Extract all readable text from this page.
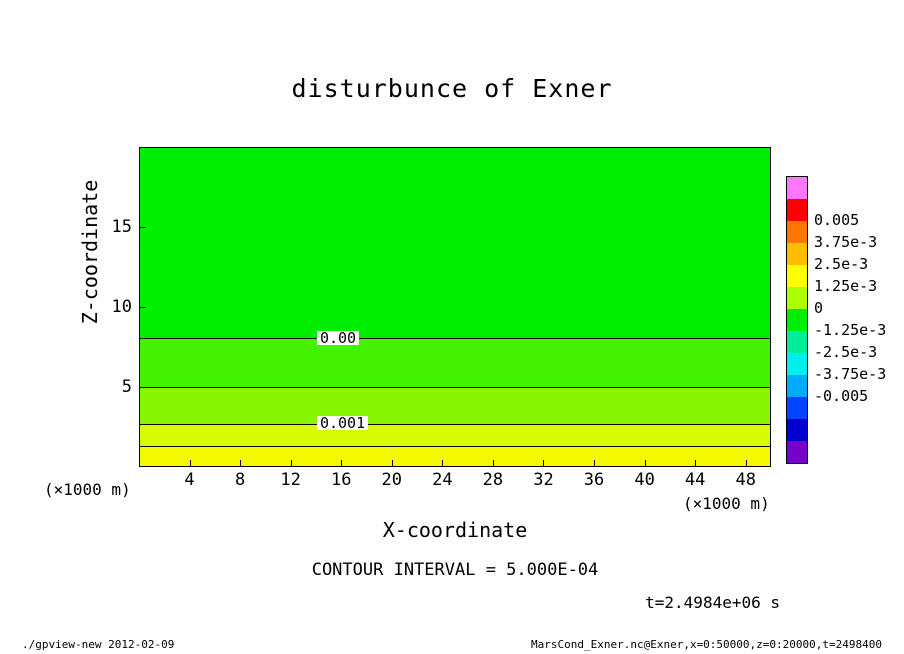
disturbunce of Exner
0.00
0.001
5
10
15
4 8 12 16 20 24 28 32 36 40 44 48
Z-coordinate
X-coordinate
(×1000 m)
(×1000 m)
CONTOUR INTERVAL = 5.000E-04
t=2.4984e+06 s
0.005
3.75e-3
2.5e-3
1.25e-3
0
-1.25e-3
-2.5e-3
-3.75e-3
-0.005
./gpview-new 2012-02-09	MarsCond_Exner.nc@Exner,x=0:50000,z=0:20000,t=2498400
